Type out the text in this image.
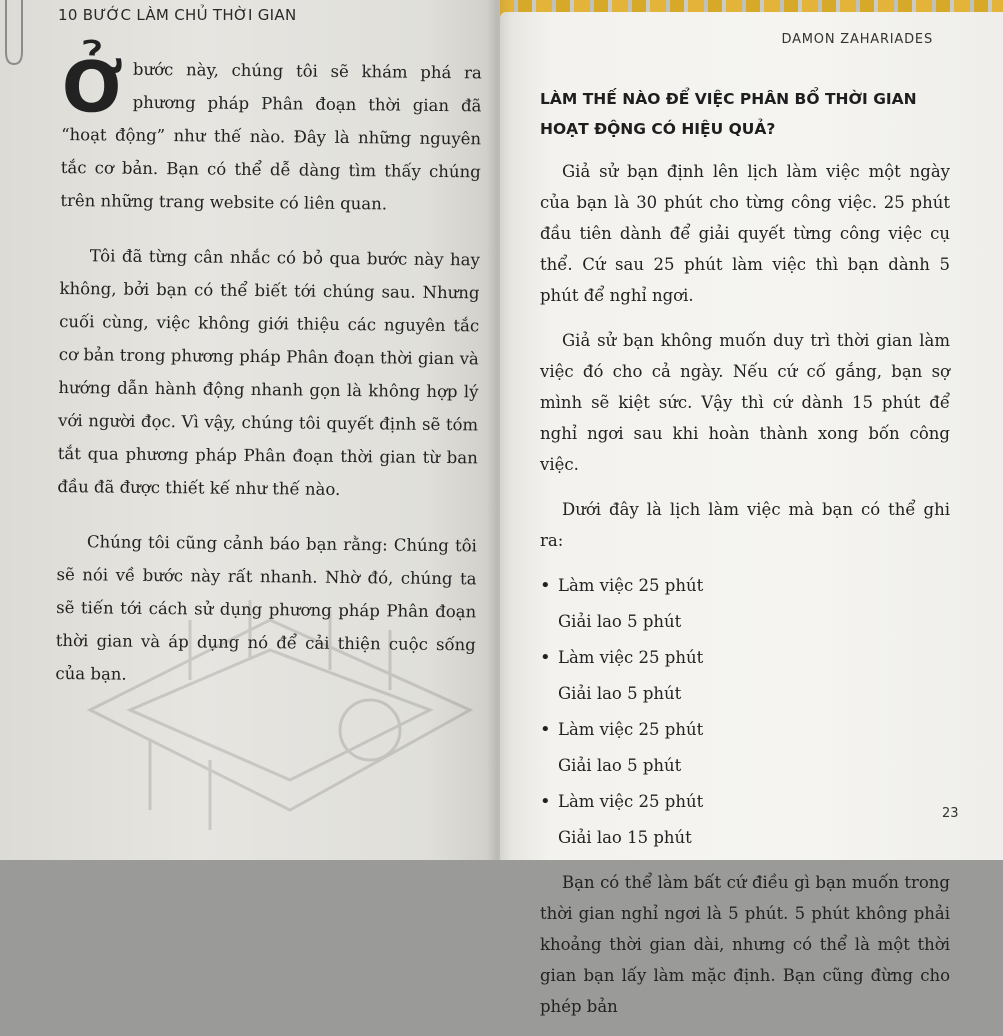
10 BƯỚC LÀM CHỦ THỜI GIAN

Ở bước này, chúng tôi sẽ khám phá ra phương pháp Phân đoạn thời gian đã “hoạt động” như thế nào. Đây là những nguyên tắc cơ bản. Bạn có thể dễ dàng tìm thấy chúng trên những trang website có liên quan.

Tôi đã từng cân nhắc có bỏ qua bước này hay không, bởi bạn có thể biết tới chúng sau. Nhưng cuối cùng, việc không giới thiệu các nguyên tắc cơ bản trong phương pháp Phân đoạn thời gian và hướng dẫn hành động nhanh gọn là không hợp lý với người đọc. Vì vậy, chúng tôi quyết định sẽ tóm tắt qua phương pháp Phân đoạn thời gian từ ban đầu đã được thiết kế như thế nào.

Chúng tôi cũng cảnh báo bạn rằng: Chúng tôi sẽ nói về bước này rất nhanh. Nhờ đó, chúng ta sẽ tiến tới cách sử dụng phương pháp Phân đoạn thời gian và áp dụng nó để cải thiện cuộc sống của bạn.

DAMON ZAHARIADES
LÀM THẾ NÀO ĐỂ VIỆC PHÂN BỔ THỜI GIAN HOẠT ĐỘNG CÓ HIỆU QUẢ?

Giả sử bạn định lên lịch làm việc một ngày của bạn là 30 phút cho từng công việc. 25 phút đầu tiên dành để giải quyết từng công việc cụ thể. Cứ sau 25 phút làm việc thì bạn dành 5 phút để nghỉ ngơi.

Giả sử bạn không muốn duy trì thời gian làm việc đó cho cả ngày. Nếu cứ cố gắng, bạn sợ mình sẽ kiệt sức. Vậy thì cứ dành 15 phút để nghỉ ngơi sau khi hoàn thành xong bốn công việc.

Dưới đây là lịch làm việc mà bạn có thể ghi ra:

• Làm việc 25 phút
Giải lao 5 phút
• Làm việc 25 phút
Giải lao 5 phút
• Làm việc 25 phút
Giải lao 5 phút
• Làm việc 25 phút
Giải lao 15 phút

Bạn có thể làm bất cứ điều gì bạn muốn trong thời gian nghỉ ngơi là 5 phút. 5 phút không phải khoảng thời gian dài, nhưng có thể là một thời gian bạn lấy làm mặc định. Bạn cũng đừng cho phép bản

23
